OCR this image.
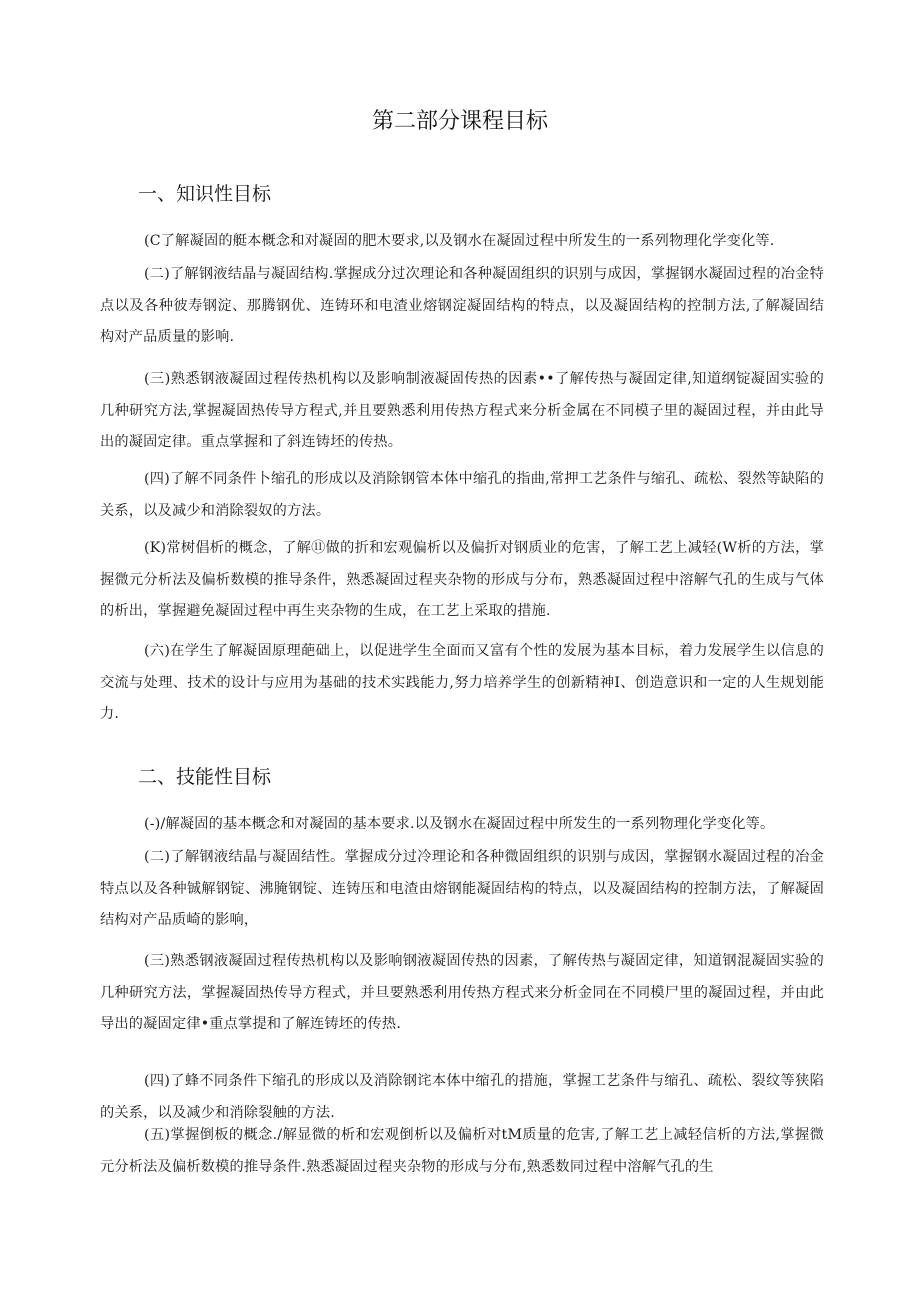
第二部分课程目标
一、知识性目标

(C了解凝固的艇本概念和对凝固的肥木要求,以及钢水在凝固过程中所发生的一系列物理化学变化等.

(二)了解钢液结晶与凝固结构.掌握成分过次理论和各种凝固组织的识别与成因，掌握钢水凝固过程的冶金特点以及各种彼寿钢淀、那腾钢优、连铸环和电渣业熔钢淀凝固结构的特点，以及凝固结构的控制方法,了解凝固结构对产品质量的影响.

(三)熟悉钢液凝固过程传热机构以及影响制液凝固传热的因素••了解传热与凝固定律,知道纲锭凝固实验的几种研究方法,掌握凝固热传导方程式,并且要熟悉利用传热方程式来分析金属在不同模子里的凝固过程，并由此导出的凝固定律。重点掌握和了斜连铸坯的传热。

(四)了解不同条件卜缩孔的形成以及消除钢管本体中缩孔的指曲,常押工艺条件与缩孔、疏松、裂然等缺陷的关系，以及减少和消除裂奴的方法。

(K)常树倡析的概念，了解⑪做的折和宏观偏析以及偏折对钢质业的危害，了解工艺上减轻(W析的方法，掌握微元分析法及偏析数模的推导条件，熟悉凝固过程夹杂物的形成与分布，熟悉凝固过程中溶解气孔的生成与气体的析出，掌握避免凝固过程中再生夹杂物的生成，在工艺上采取的措施.

(六)在学生了解凝固原理葩础上，以促进学生全面而又富有个性的发展为基本目标，着力发展学生以信息的交流与处理、技术的设计与应用为基础的技术实践能力,努力培养学生的创新精神I、创造意识和一定的人生规划能力.

二、技能性目标

(-)/解凝固的基本概念和对凝固的基本要求.以及钢水在凝固过程中所发生的一系列物理化学变化等。

(二)了解钢液结晶与凝固结性。掌握成分过冷理论和各种微固组织的识别与成因，掌握钢水凝固过程的冶金特点以及各种铖解钢锭、沸腌钢锭、连铸压和电渣由熔钢能凝固结构的特点，以及凝固结构的控制方法，了解凝固结构对产品质崎的影响，

(三)熟悉钢液凝固过程传热机构以及影响钢液凝固传热的因素，了解传热与凝固定律，知道钢混凝固实验的几种研究方法，掌握凝固热传导方程式，并旦要熟悉利用传热方程式来分析金同在不同模尸里的凝固过程，并由此导出的凝固定律•重点掌提和了解连铸坯的传热.

(四)了蜂不同条件下缩孔的形成以及消除钢诧本体中缩孔的措施，掌握工艺条件与缩孔、疏松、裂纹等狭陷的关系，以及减少和消除裂触的方法.

(五)掌握倒板的概念./解显微的析和宏观倒析以及偏析对tM质量的危害,了解工艺上减轻信析的方法,掌握微元分析法及偏析数模的推导条件.熟悉凝固过程夹杂物的形成与分布,熟悉数同过程中溶解气孔的生
